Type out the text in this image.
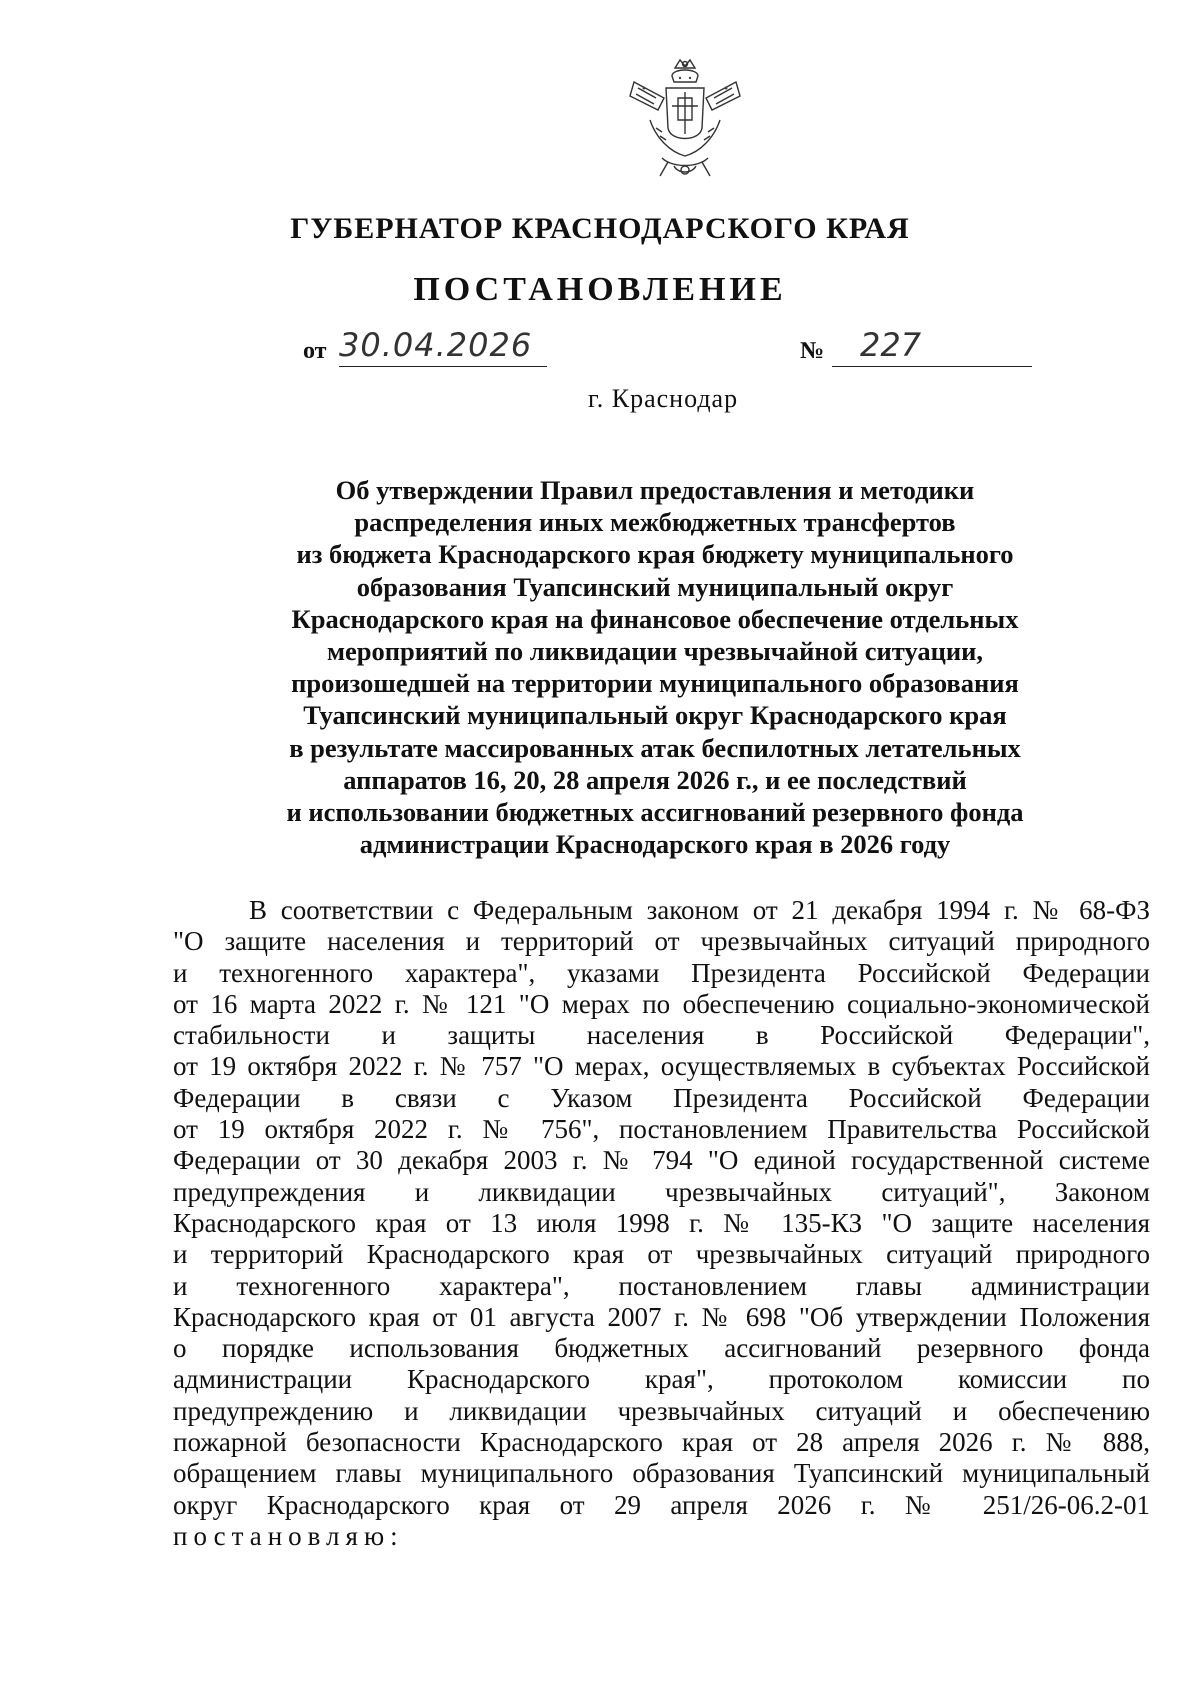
ГУБЕРНАТОР КРАСНОДАРСКОГО КРАЯ
ПОСТАНОВЛЕНИЕ
от 30.04.2026	№ 227
г. Краснодар
Об утверждении Правил предоставления и методики
распределения иных межбюджетных трансфертов
из бюджета Краснодарского края бюджету муниципального
образования Туапсинский муниципальный округ
Краснодарского края на финансовое обеспечение отдельных
мероприятий по ликвидации чрезвычайной ситуации,
произошедшей на территории муниципального образования
Туапсинский муниципальный округ Краснодарского края
в результате массированных атак беспилотных летательных
аппаратов 16, 20, 28 апреля 2026 г., и ее последствий
и использовании бюджетных ассигнований резервного фонда
администрации Краснодарского края в 2026 году
В соответствии с Федеральным законом от 21 декабря 1994 г. № 68-ФЗ
"О защите населения и территорий от чрезвычайных ситуаций природного
и техногенного характера", указами Президента Российской Федерации
от 16 марта 2022 г. № 121 "О мерах по обеспечению социально-экономической
стабильности и защиты населения в Российской Федерации",
от 19 октября 2022 г. № 757 "О мерах, осуществляемых в субъектах Российской
Федерации в связи с Указом Президента Российской Федерации
от 19 октября 2022 г. № 756", постановлением Правительства Российской
Федерации от 30 декабря 2003 г. № 794 "О единой государственной системе
предупреждения и ликвидации чрезвычайных ситуаций", Законом
Краснодарского края от 13 июля 1998 г. № 135-КЗ "О защите населения
и территорий Краснодарского края от чрезвычайных ситуаций природного
и техногенного характера", постановлением главы администрации
Краснодарского края от 01 августа 2007 г. № 698 "Об утверждении Положения
о порядке использования бюджетных ассигнований резервного фонда
администрации Краснодарского края", протоколом комиссии по
предупреждению и ликвидации чрезвычайных ситуаций и обеспечению
пожарной безопасности Краснодарского края от 28 апреля 2026 г. № 888,
обращением главы муниципального образования Туапсинский муниципальный
округ Краснодарского края от 29 апреля 2026 г. № 251/26-06.2-01
постановляю:
